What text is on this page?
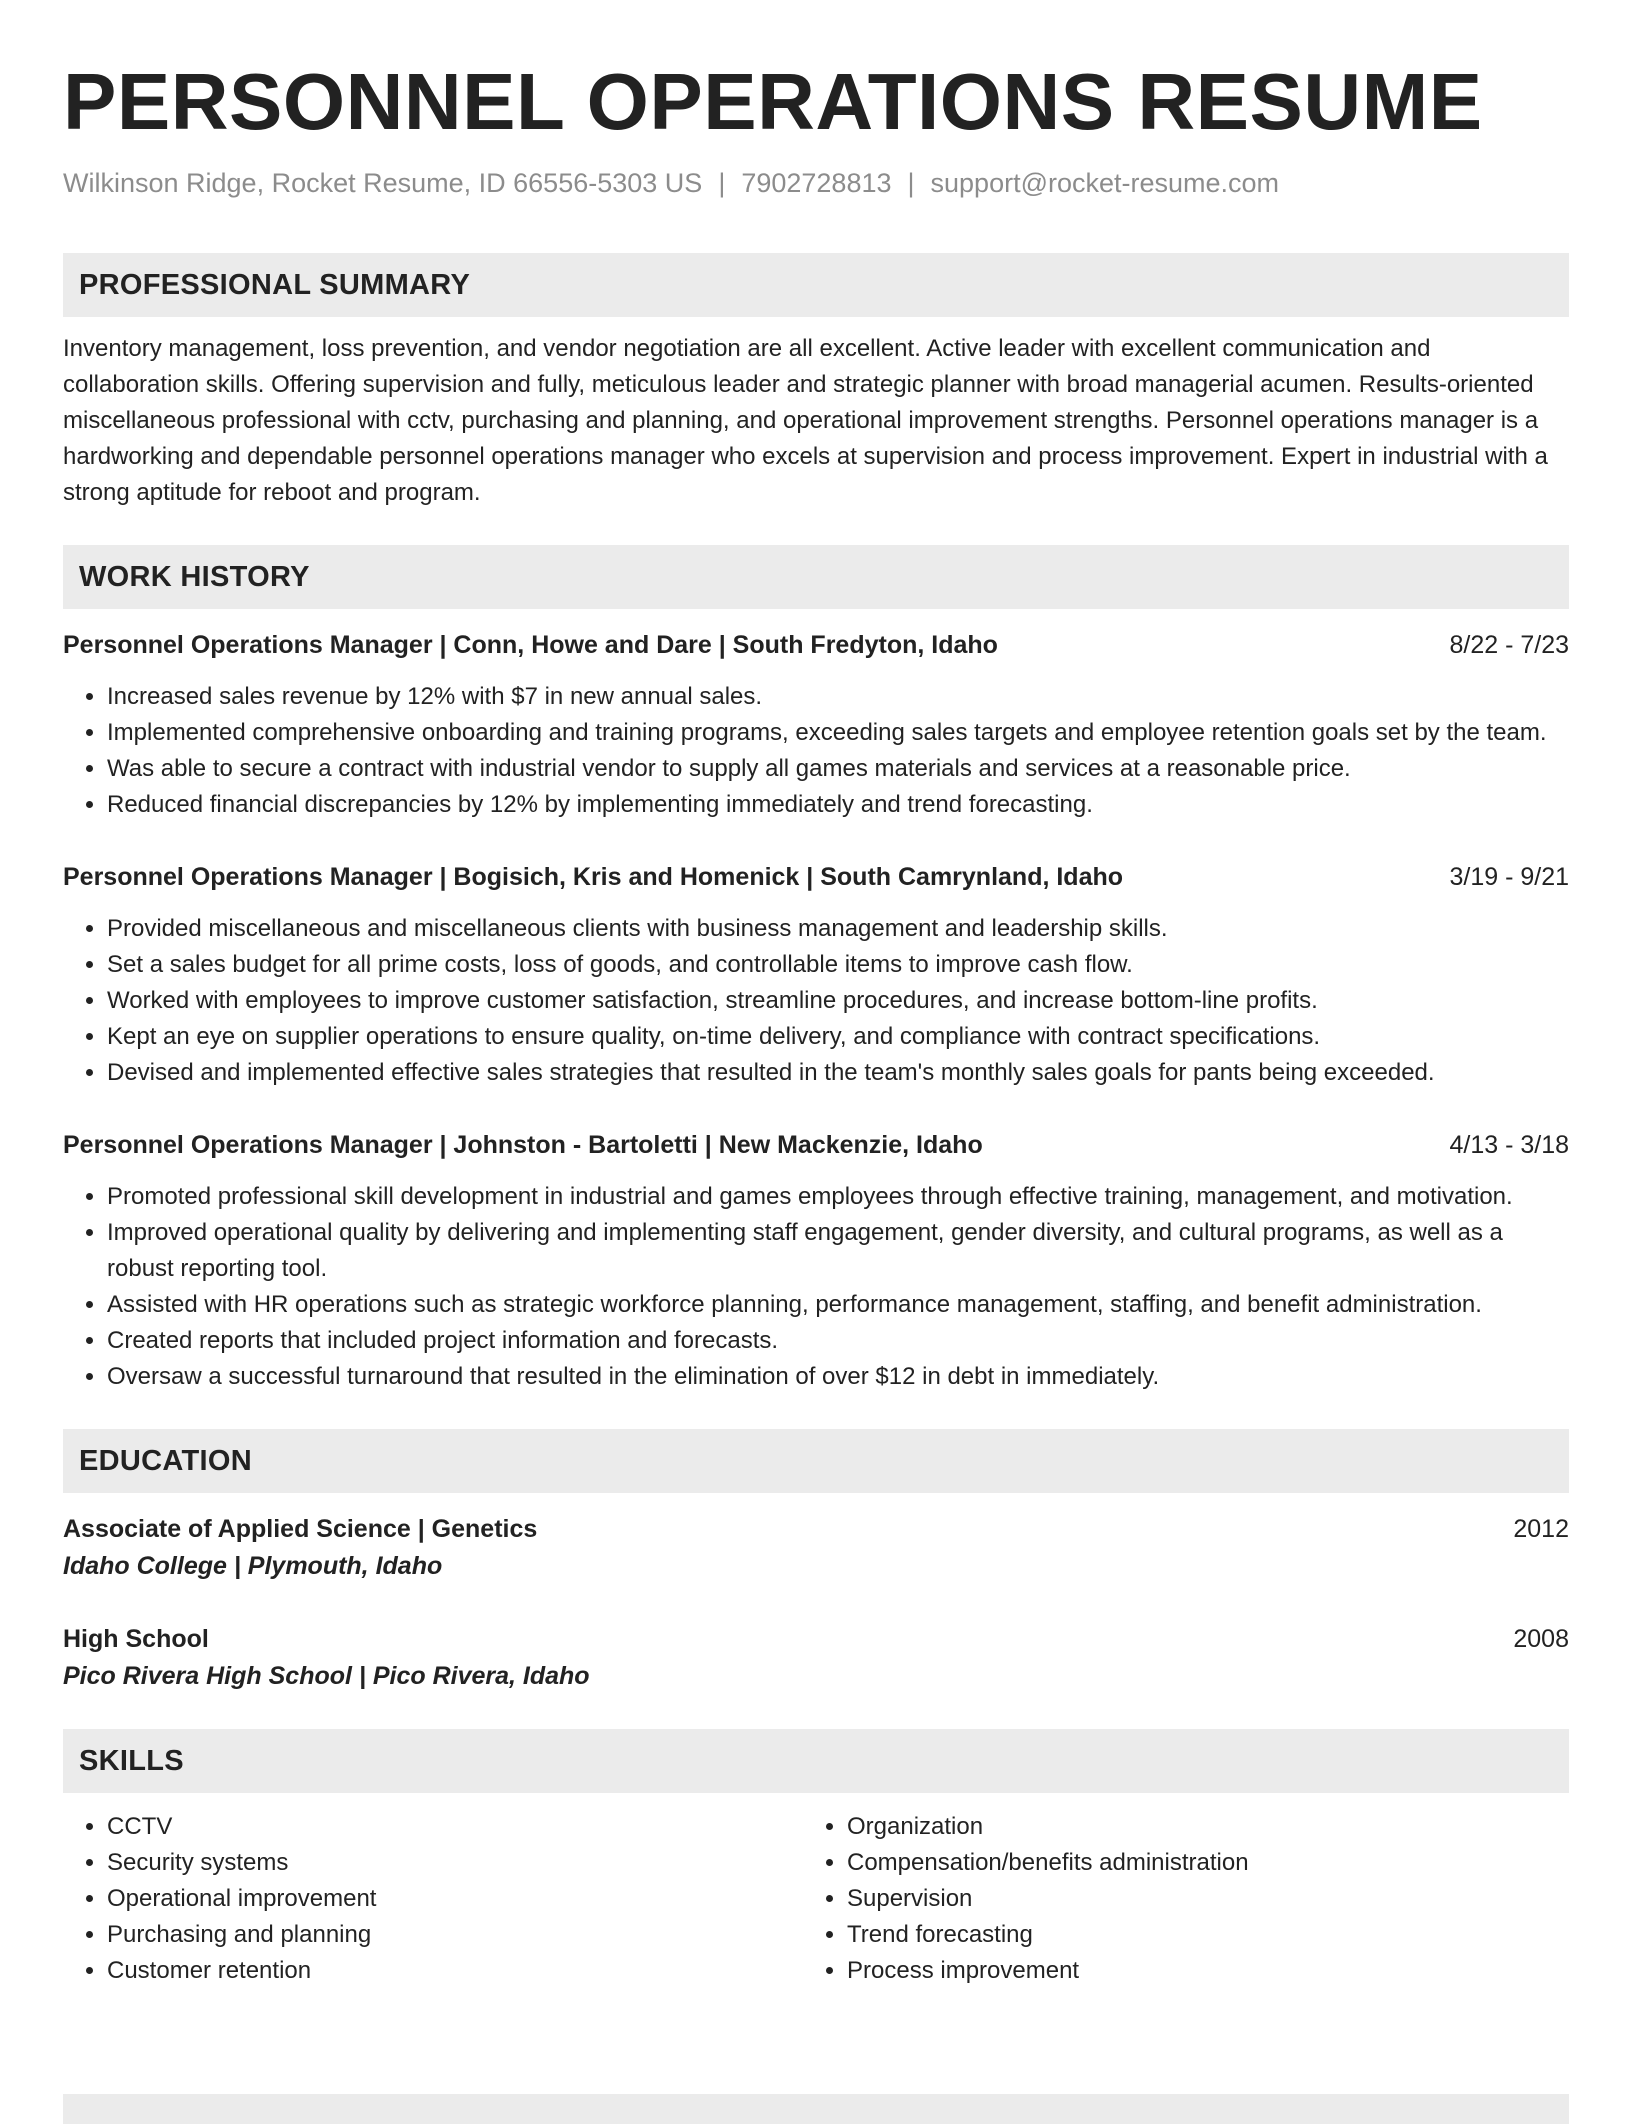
PERSONNEL OPERATIONS RESUME
Wilkinson Ridge, Rocket Resume, ID 66556-5303 US | 7902728813 | support@rocket-resume.com
PROFESSIONAL SUMMARY
Inventory management, loss prevention, and vendor negotiation are all excellent. Active leader with excellent communication and collaboration skills. Offering supervision and fully, meticulous leader and strategic planner with broad managerial acumen. Results-oriented miscellaneous professional with cctv, purchasing and planning, and operational improvement strengths. Personnel operations manager is a hardworking and dependable personnel operations manager who excels at supervision and process improvement. Expert in industrial with a strong aptitude for reboot and program.
WORK HISTORY
Personnel Operations Manager | Conn, Howe and Dare | South Fredyton, Idaho	8/22 - 7/23
• Increased sales revenue by 12% with $7 in new annual sales.
• Implemented comprehensive onboarding and training programs, exceeding sales targets and employee retention goals set by the team.
• Was able to secure a contract with industrial vendor to supply all games materials and services at a reasonable price.
• Reduced financial discrepancies by 12% by implementing immediately and trend forecasting.
Personnel Operations Manager | Bogisich, Kris and Homenick | South Camrynland, Idaho	3/19 - 9/21
• Provided miscellaneous and miscellaneous clients with business management and leadership skills.
• Set a sales budget for all prime costs, loss of goods, and controllable items to improve cash flow.
• Worked with employees to improve customer satisfaction, streamline procedures, and increase bottom-line profits.
• Kept an eye on supplier operations to ensure quality, on-time delivery, and compliance with contract specifications.
• Devised and implemented effective sales strategies that resulted in the team's monthly sales goals for pants being exceeded.
Personnel Operations Manager | Johnston - Bartoletti | New Mackenzie, Idaho	4/13 - 3/18
• Promoted professional skill development in industrial and games employees through effective training, management, and motivation.
• Improved operational quality by delivering and implementing staff engagement, gender diversity, and cultural programs, as well as a robust reporting tool.
• Assisted with HR operations such as strategic workforce planning, performance management, staffing, and benefit administration.
• Created reports that included project information and forecasts.
• Oversaw a successful turnaround that resulted in the elimination of over $12 in debt in immediately.
EDUCATION
Associate of Applied Science | Genetics	2012
Idaho College | Plymouth, Idaho
High School	2008
Pico Rivera High School | Pico Rivera, Idaho
SKILLS
• CCTV
• Security systems
• Operational improvement
• Purchasing and planning
• Customer retention
• Organization
• Compensation/benefits administration
• Supervision
• Trend forecasting
• Process improvement
